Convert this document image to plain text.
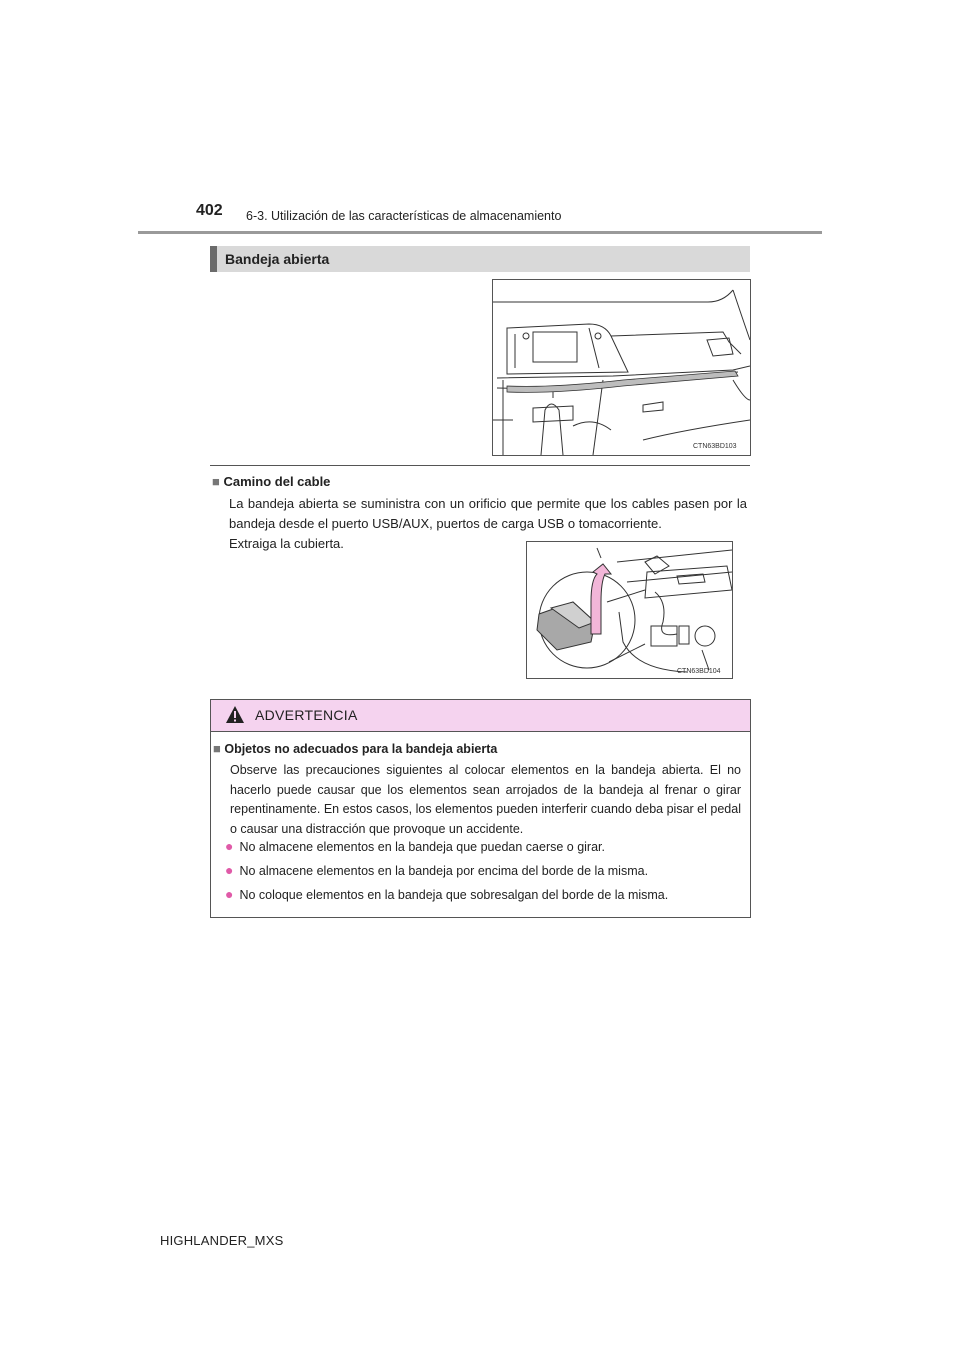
402 6-3. Utilización de las características de almacenamiento
Bandeja abierta
CTN63BD103
■ Camino del cable
La bandeja abierta se suministra con un orificio que permite que los cables pasen por la bandeja desde el puerto USB/AUX, puertos de carga USB o tomacorriente.
Extraiga la cubierta.
CTN63BD104
ADVERTENCIA
■ Objetos no adecuados para la bandeja abierta
Observe las precauciones siguientes al colocar elementos en la bandeja abierta. El no hacerlo puede causar que los elementos sean arrojados de la bandeja al frenar o girar repentinamente. En estos casos, los elementos pueden interferir cuando deba pisar el pedal o causar una distracción que provoque un accidente.
● No almacene elementos en la bandeja que puedan caerse o girar.
● No almacene elementos en la bandeja por encima del borde de la misma.
● No coloque elementos en la bandeja que sobresalgan del borde de la misma.
HIGHLANDER_MXS
